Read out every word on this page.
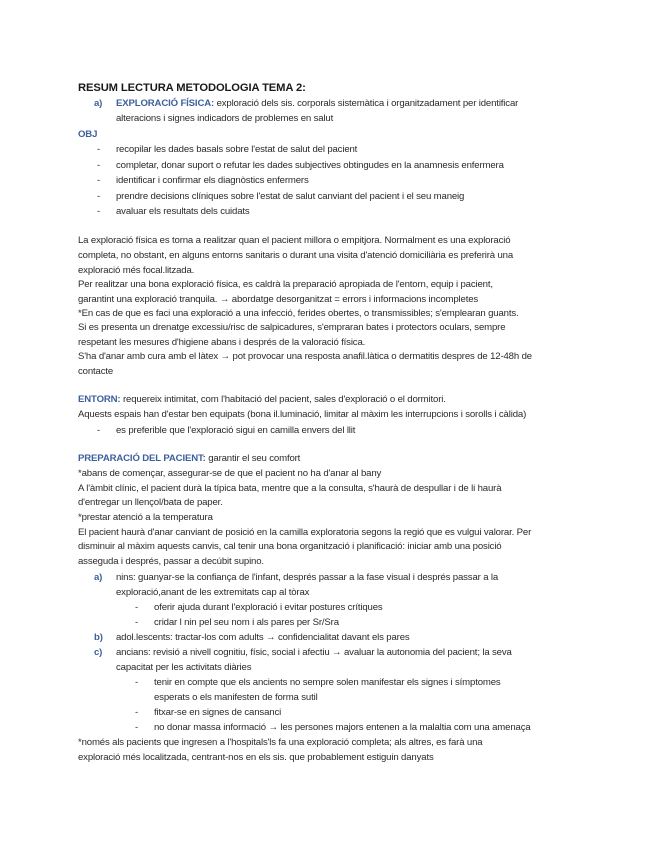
RESUM LECTURA METODOLOGIA TEMA 2:
a) EXPLORACIÓ FÍSICA: exploració dels sis. corporals sistemàtica i organitzadament per identificar
alteracions i signes indicadors de problemes en salut
OBJ
- recopilar les dades basals sobre l'estat de salut del pacient
- completar, donar suport o refutar les dades subjectives obtingudes en la anamnesis enfermera
- identificar i confirmar els diagnòstics enfermers
- prendre decisions clíniques sobre l'estat de salut canviant del pacient i el seu maneig
- avaluar els resultats dels cuidats
La exploració física es torna a realitzar quan el pacient millora o empitjora. Normalment es una exploració
completa, no obstant, en alguns entorns sanitaris o durant una visita d'atenció domiciliària es preferirà una
exploració més focal.litzada.
Per realitzar una bona exploració física, es caldrà la preparació apropiada de l'entorn, equip i pacient,
garantint una exploració tranquila. → abordatge desorganitzat = errors i informacions incompletes
*En cas de que es faci una exploració a una infecció, ferides obertes, o transmissibles; s'emplearan guants.
Si es presenta un drenatge excessiu/risc de salpicadures, s'empraran bates i protectors oculars, sempre
respetant les mesures d'higiene abans i després de la valoració física.
S'ha d'anar amb cura amb el làtex → pot provocar una resposta anafil.làtica o dermatitis despres de 12-48h de
contacte
ENTORN: requereix intimitat, com l'habitació del pacient, sales d'exploració o el dormitori.
Aquests espais han d'estar ben equipats (bona il.luminació, limitar al màxim les interrupcions i sorolls i càlida)
- es preferible que l'exploració sigui en camilla envers del llit
PREPARACIÓ DEL PACIENT: garantir el seu comfort
*abans de començar, assegurar-se de que el pacient no ha d'anar al bany
A l'àmbit clínic, el pacient durà la típica bata, mentre que a la consulta, s'haurà de despullar i de li haurà
d'entregar un llençol/bata de paper.
*prestar atenció a la temperatura
El pacient haurà d'anar canviant de posició en la camilla exploratoria segons la regió que es vulgui valorar. Per
disminuir al màxim aquests canvis, cal tenir una bona organització i planificació: iniciar amb una posició
asseguda i després, passar a decúbit supino.
a) nins: guanyar-se la confiança de l'infant, després passar a la fase visual i després passar a la
exploració,anant de les extremitats cap al tòrax
- oferir ajuda durant l'exploració i evitar postures crítiques
- cridar l nin pel seu nom i als pares per Sr/Sra
b) adol.lescents: tractar-los com adults → confidencialitat davant els pares
c) ancians: revisió a nivell cognitiu, físic, social i afectiu → avaluar la autonomia del pacient; la seva
capacitat per les activitats diàries
- tenir en compte que els ancients no sempre solen manifestar els signes i símptomes
esperats o els manifesten de forma sutil
- fitxar-se en signes de cansanci
- no donar massa informació → les persones majors entenen a la malaltia com una amenaça
*només als pacients que ingresen a l'hospitals'ls fa una exploració completa; als altres, es farà una
exploració més localitzada, centrant-nos en els sis. que probablement estiguin danyats
